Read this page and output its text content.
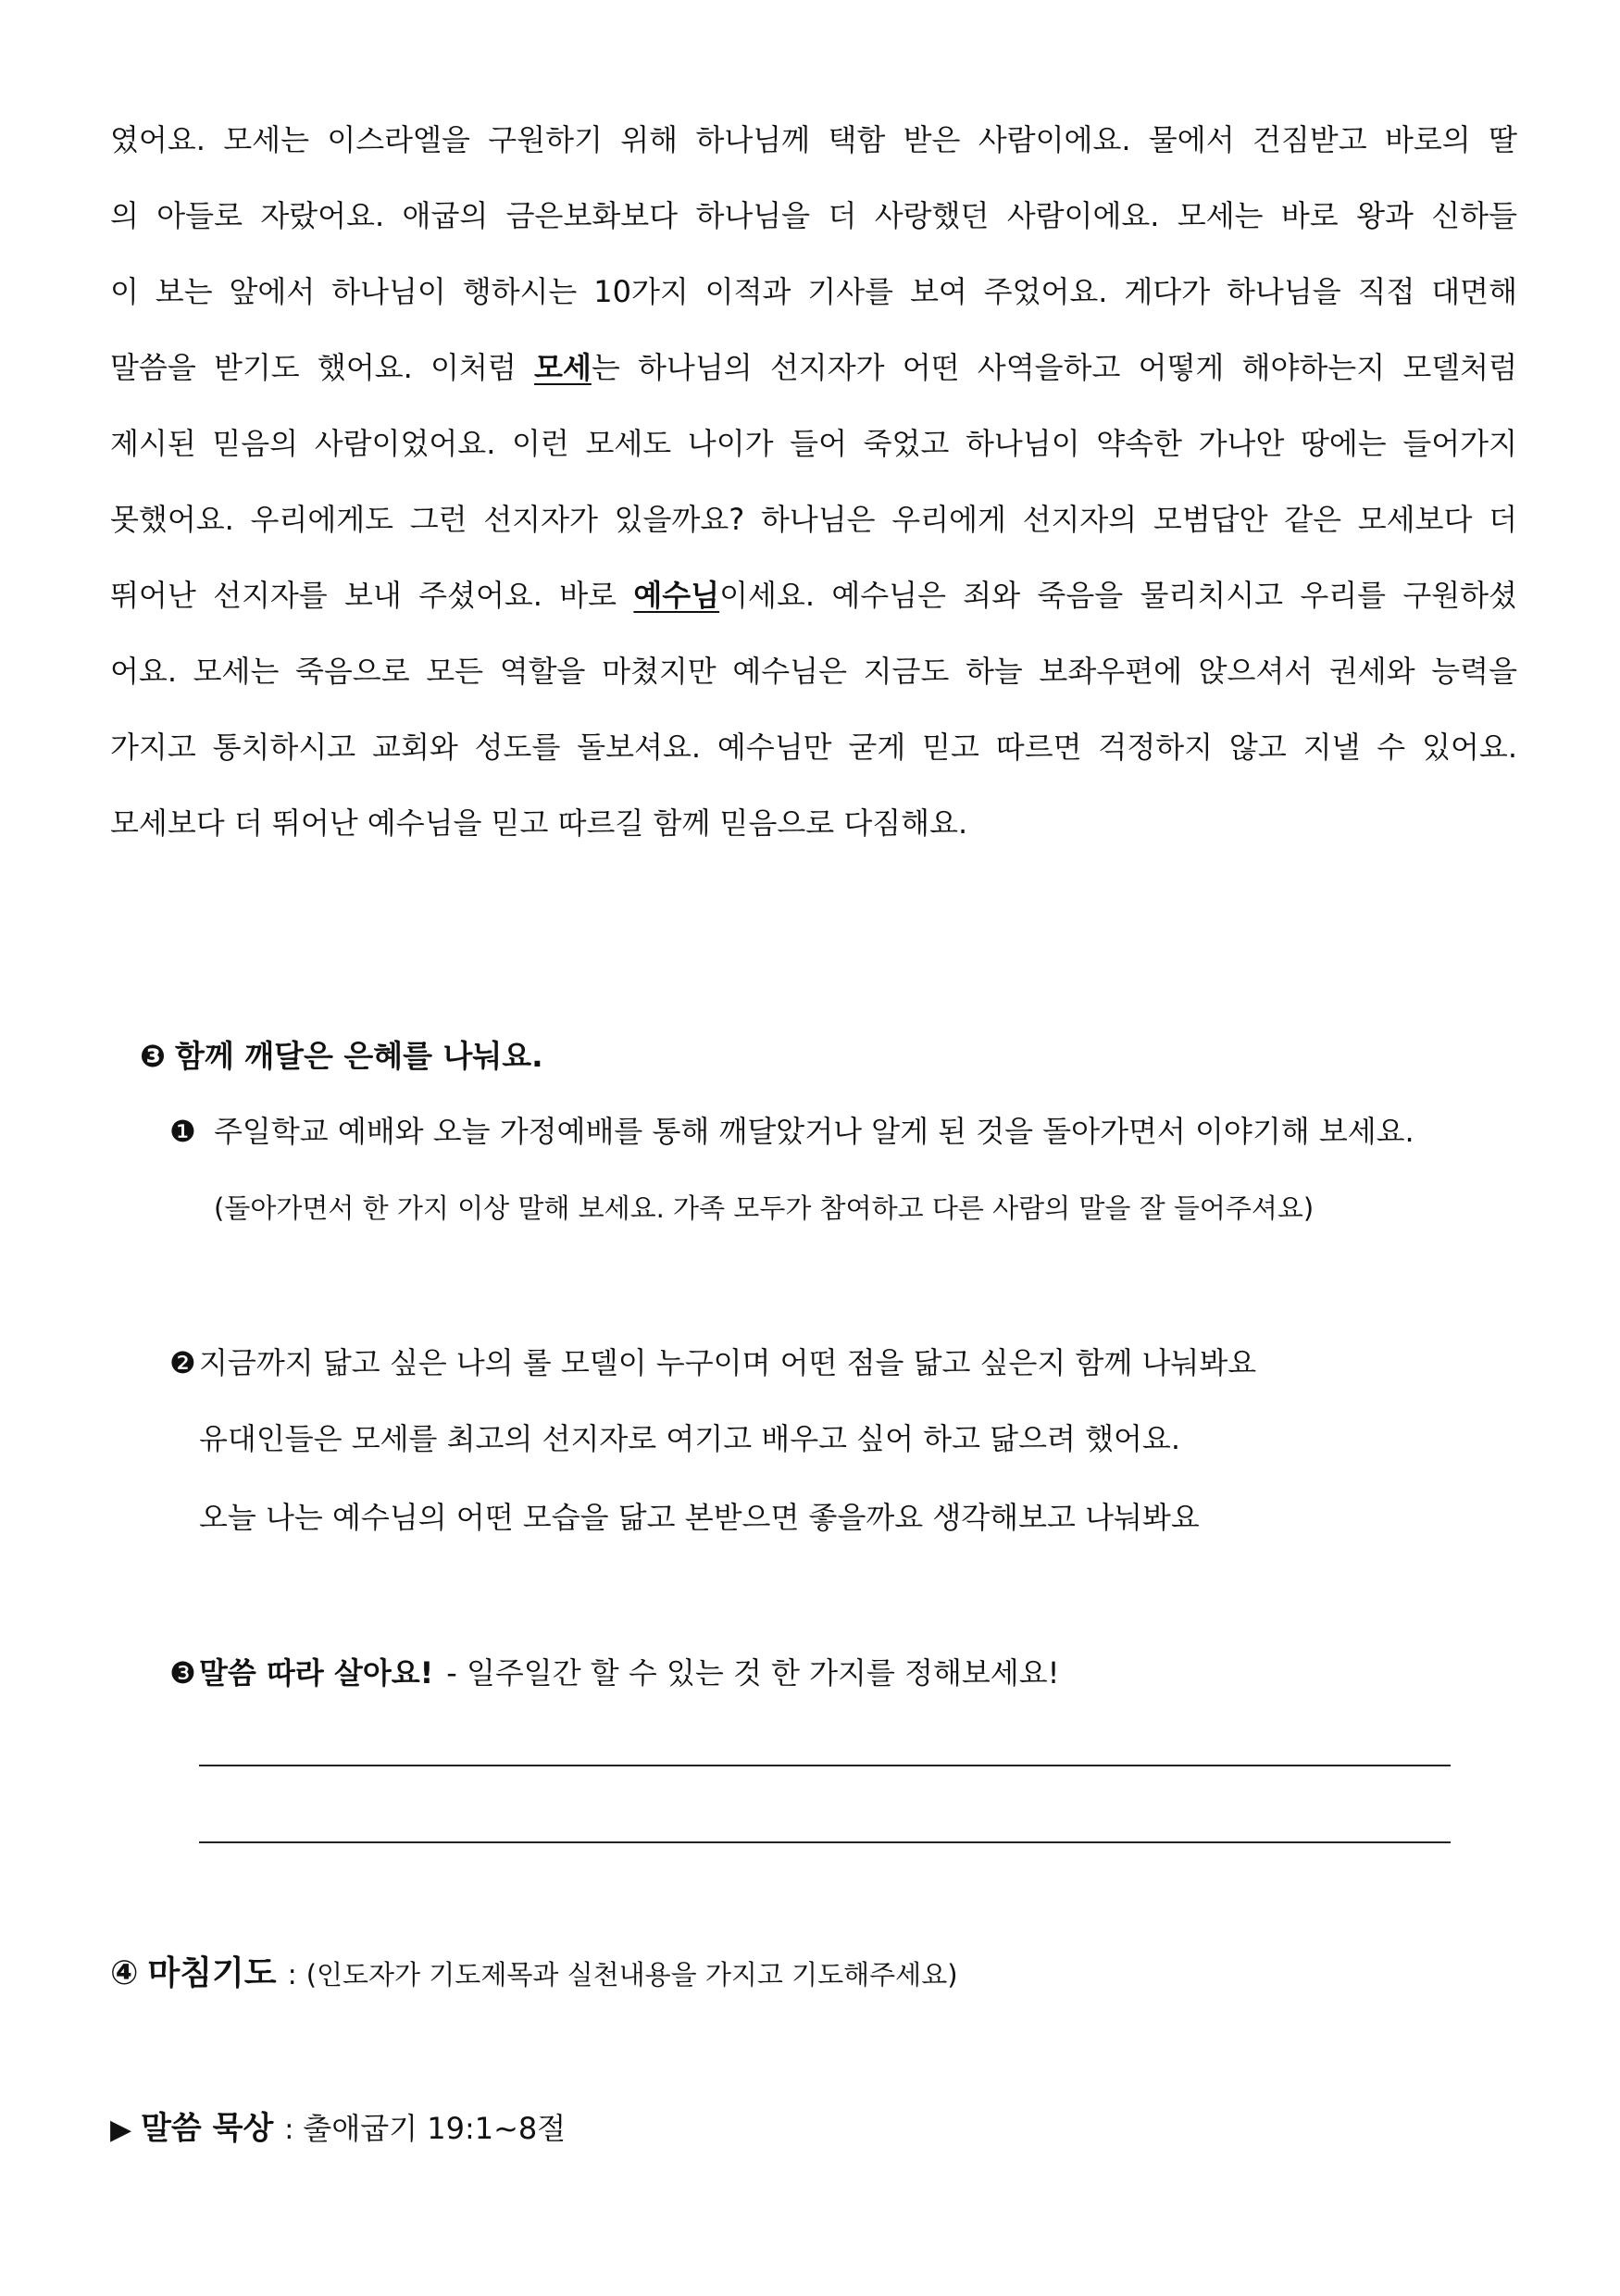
였어요. 모세는 이스라엘을 구원하기 위해 하나님께 택함 받은 사람이에요. 물에서 건짐받고 바로의 딸
의 아들로 자랐어요. 애굽의 금은보화보다 하나님을 더 사랑했던 사람이에요. 모세는 바로 왕과 신하들
이 보는 앞에서 하나님이 행하시는 10가지 이적과 기사를 보여 주었어요. 게다가 하나님을 직접 대면해
말씀을 받기도 했어요. 이처럼 모세는 하나님의 선지자가 어떤 사역을하고 어떻게 해야하는지 모델처럼
제시된 믿음의 사람이었어요. 이런 모세도 나이가 들어 죽었고 하나님이 약속한 가나안 땅에는 들어가지
못했어요. 우리에게도 그런 선지자가 있을까요? 하나님은 우리에게 선지자의 모범답안 같은 모세보다 더
뛰어난 선지자를 보내 주셨어요. 바로 예수님이세요. 예수님은 죄와 죽음을 물리치시고 우리를 구원하셨
어요. 모세는 죽음으로 모든 역할을 마쳤지만 예수님은 지금도 하늘 보좌우편에 앉으셔서 권세와 능력을
가지고 통치하시고 교회와 성도를 돌보셔요. 예수님만 굳게 믿고 따르면 걱정하지 않고 지낼 수 있어요.
모세보다 더 뛰어난 예수님을 믿고 따르길 함께 믿음으로 다짐해요.
❸ 함께 깨달은 은혜를 나눠요.
❶ 주일학교 예배와 오늘 가정예배를 통해 깨달았거나 알게 된 것을 돌아가면서 이야기해 보세요.
(돌아가면서 한 가지 이상 말해 보세요. 가족 모두가 참여하고 다른 사람의 말을 잘 들어주셔요)
❷ 지금까지 닮고 싶은 나의 롤 모델이 누구이며 어떤 점을 닮고 싶은지 함께 나눠봐요
유대인들은 모세를 최고의 선지자로 여기고 배우고 싶어 하고 닮으려 했어요.
오늘 나는 예수님의 어떤 모습을 닮고 본받으면 좋을까요 생각해보고 나눠봐요
❸ 말씀 따라 살아요! - 일주일간 할 수 있는 것 한 가지를 정해보세요!
④ 마침기도 : (인도자가 기도제목과 실천내용을 가지고 기도해주세요)
▶ 말씀 묵상 : 출애굽기 19:1~8절
